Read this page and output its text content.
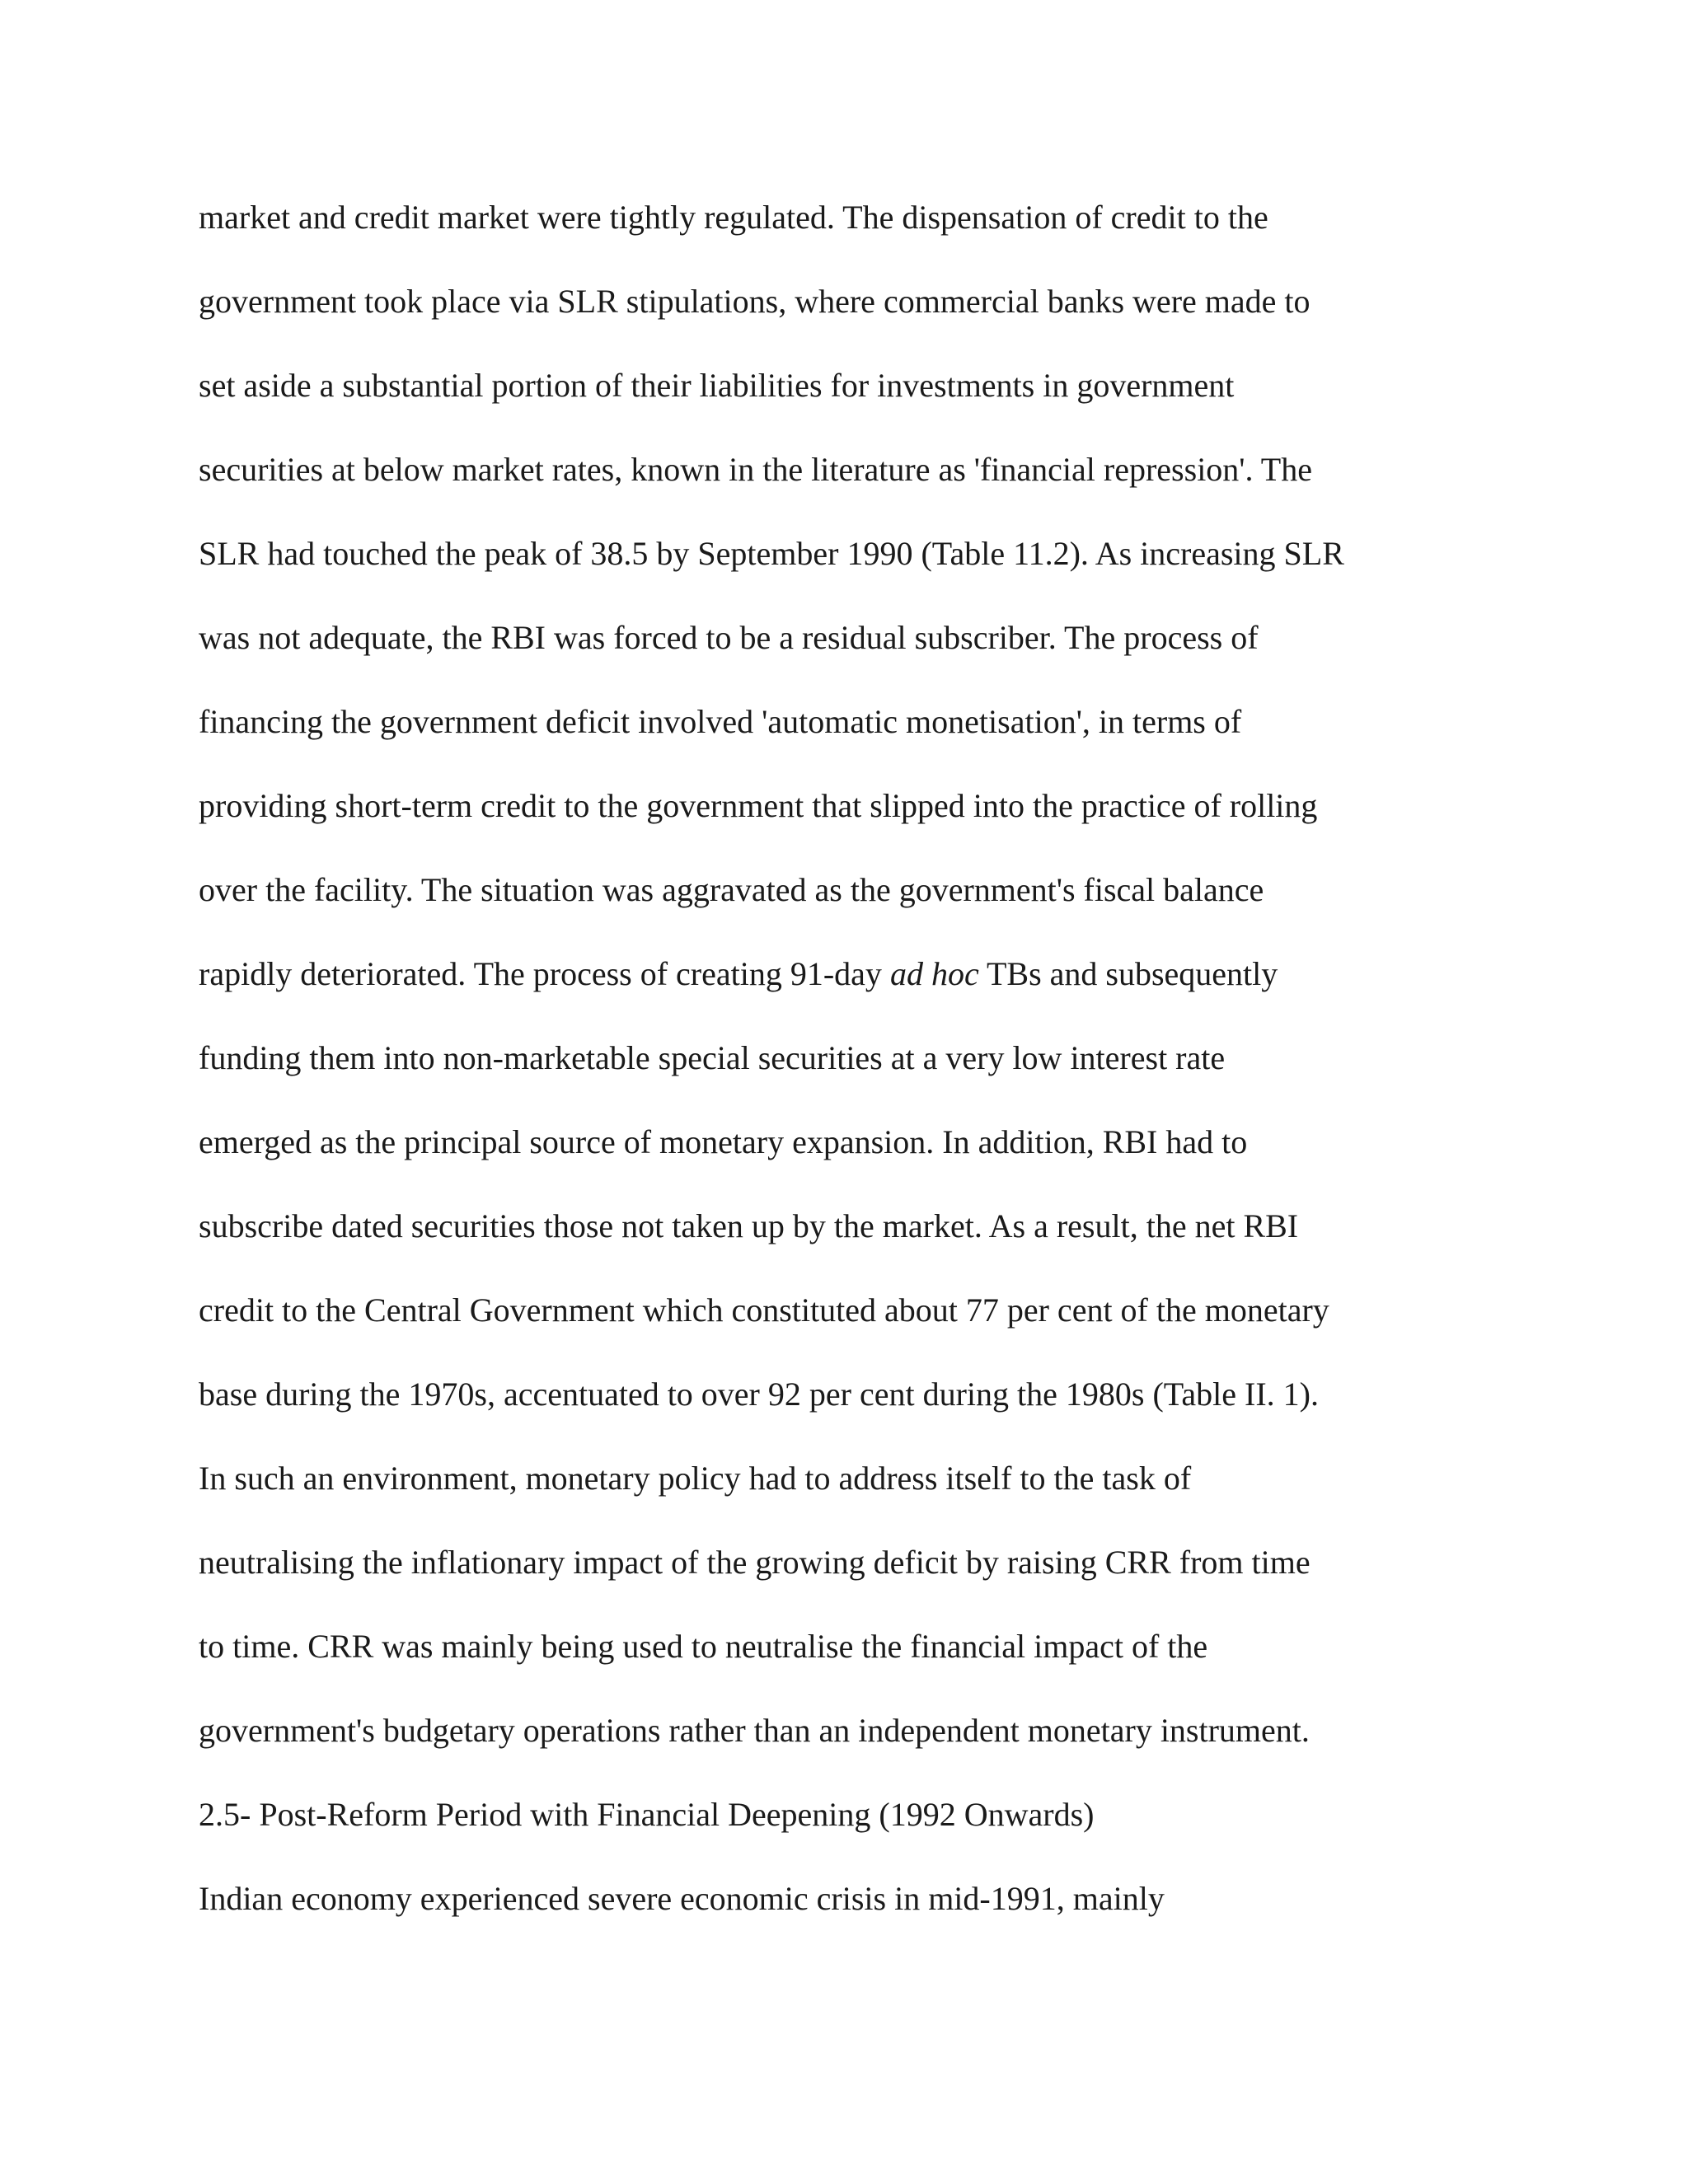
market and credit market were tightly regulated. The dispensation of credit to the
government took place via SLR stipulations, where commercial banks were made to
set aside a substantial portion of their liabilities for investments in government
securities at below market rates, known in the literature as 'financial repression'. The
SLR had touched the peak of 38.5 by September 1990 (Table 11.2). As increasing SLR
was not adequate, the RBI was forced to be a residual subscriber. The process of
financing the government deficit involved 'automatic monetisation', in terms of
providing short-term credit to the government that slipped into the practice of rolling
over the facility. The situation was aggravated as the government's fiscal balance
rapidly deteriorated. The process of creating 91-day ad hoc TBs and subsequently
funding them into non-marketable special securities at a very low interest rate
emerged as the principal source of monetary expansion. In addition, RBI had to
subscribe dated securities those not taken up by the market. As a result, the net RBI
credit to the Central Government which constituted about 77 per cent of the monetary
base during the 1970s, accentuated to over 92 per cent during the 1980s (Table II. 1).
In such an environment, monetary policy had to address itself to the task of
neutralising the inflationary impact of the growing deficit by raising CRR from time
to time. CRR was mainly being used to neutralise the financial impact of the
government's budgetary operations rather than an independent monetary instrument.
2.5- Post-Reform Period with Financial Deepening (1992 Onwards)
Indian economy experienced severe economic crisis in mid-1991, mainly
